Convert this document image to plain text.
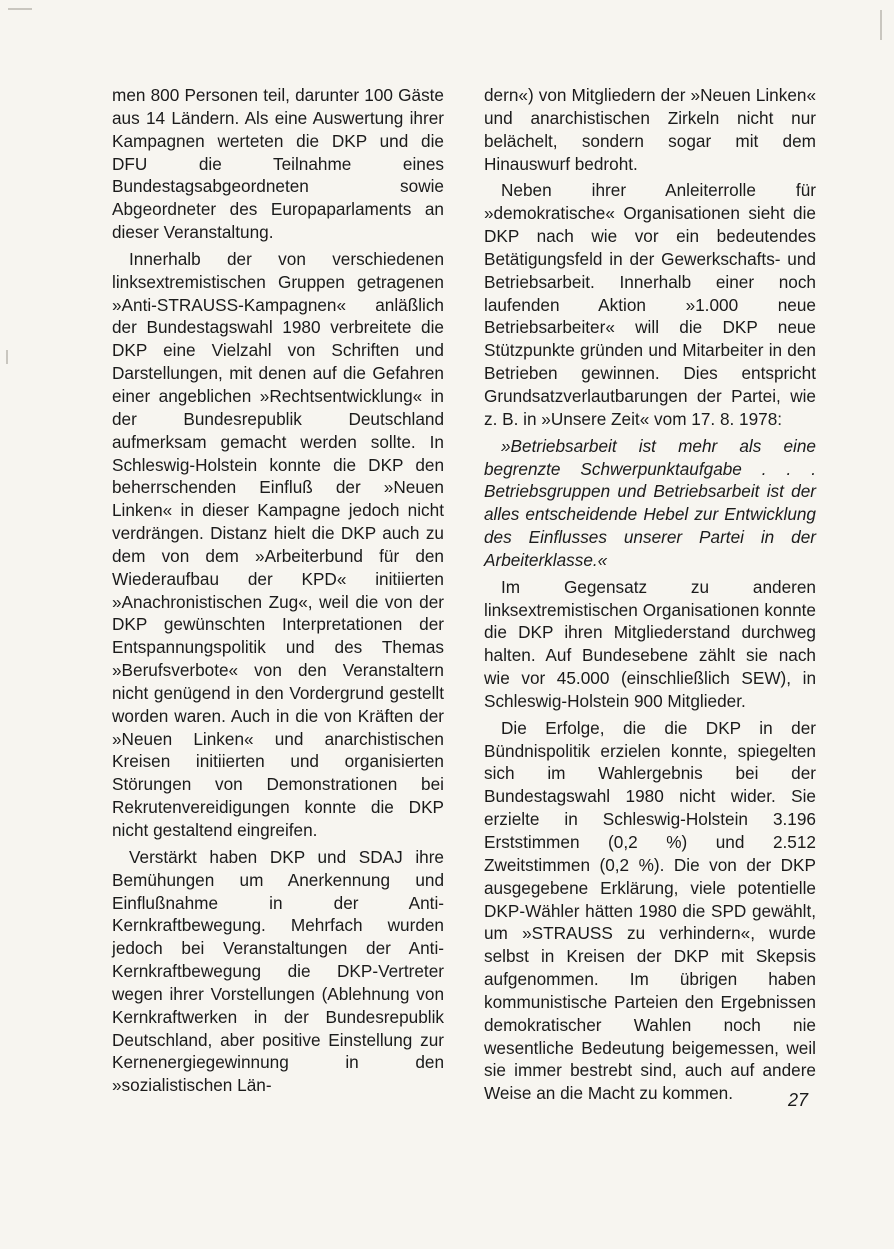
men 800 Personen teil, darunter 100 Gäste aus 14 Ländern. Als eine Auswertung ihrer Kampagnen werteten die DKP und die DFU die Teilnahme eines Bundestagsabgeordneten sowie Abgeordneter des Europaparlaments an dieser Veranstaltung.

Innerhalb der von verschiedenen linksextremistischen Gruppen getragenen »Anti-STRAUSS-Kampagnen« anläßlich der Bundestagswahl 1980 verbreitete die DKP eine Vielzahl von Schriften und Darstellungen, mit denen auf die Gefahren einer angeblichen »Rechtsentwicklung« in der Bundesrepublik Deutschland aufmerksam gemacht werden sollte. In Schleswig-Holstein konnte die DKP den beherrschenden Einfluß der »Neuen Linken« in dieser Kampagne jedoch nicht verdrängen. Distanz hielt die DKP auch zu dem von dem »Arbeiterbund für den Wiederaufbau der KPD« initiierten »Anachronistischen Zug«, weil die von der DKP gewünschten Interpretationen der Entspannungspolitik und des Themas »Berufsverbote« von den Veranstaltern nicht genügend in den Vordergrund gestellt worden waren. Auch in die von Kräften der »Neuen Linken« und anarchistischen Kreisen initiierten und organisierten Störungen von Demonstrationen bei Rekrutenvereidigungen konnte die DKP nicht gestaltend eingreifen.

Verstärkt haben DKP und SDAJ ihre Bemühungen um Anerkennung und Einflußnahme in der Anti-Kernkraftbewegung. Mehrfach wurden jedoch bei Veranstaltungen der Anti-Kernkraftbewegung die DKP-Vertreter wegen ihrer Vorstellungen (Ablehnung von Kernkraftwerken in der Bundesrepublik Deutschland, aber positive Einstellung zur Kernenergiegewinnung in den »sozialistischen Län-

dern«) von Mitgliedern der »Neuen Linken« und anarchistischen Zirkeln nicht nur belächelt, sondern sogar mit dem Hinauswurf bedroht.

Neben ihrer Anleiterrolle für »demokratische« Organisationen sieht die DKP nach wie vor ein bedeutendes Betätigungsfeld in der Gewerkschafts- und Betriebsarbeit. Innerhalb einer noch laufenden Aktion »1.000 neue Betriebsarbeiter« will die DKP neue Stützpunkte gründen und Mitarbeiter in den Betrieben gewinnen. Dies entspricht Grundsatzverlautbarungen der Partei, wie z. B. in »Unsere Zeit« vom 17. 8. 1978:

»Betriebsarbeit ist mehr als eine begrenzte Schwerpunktaufgabe . . . Betriebsgruppen und Betriebsarbeit ist der alles entscheidende Hebel zur Entwicklung des Einflusses unserer Partei in der Arbeiterklasse.«

Im Gegensatz zu anderen linksextremistischen Organisationen konnte die DKP ihren Mitgliederstand durchweg halten. Auf Bundesebene zählt sie nach wie vor 45.000 (einschließlich SEW), in Schleswig-Holstein 900 Mitglieder.

Die Erfolge, die die DKP in der Bündnispolitik erzielen konnte, spiegelten sich im Wahlergebnis bei der Bundestagswahl 1980 nicht wider. Sie erzielte in Schleswig-Holstein 3.196 Erststimmen (0,2 %) und 2.512 Zweitstimmen (0,2 %). Die von der DKP ausgegebene Erklärung, viele potentielle DKP-Wähler hätten 1980 die SPD gewählt, um »STRAUSS zu verhindern«, wurde selbst in Kreisen der DKP mit Skepsis aufgenommen. Im übrigen haben kommunistische Parteien den Ergebnissen demokratischer Wahlen noch nie wesentliche Bedeutung beigemessen, weil sie immer bestrebt sind, auch auf andere Weise an die Macht zu kommen.	27
